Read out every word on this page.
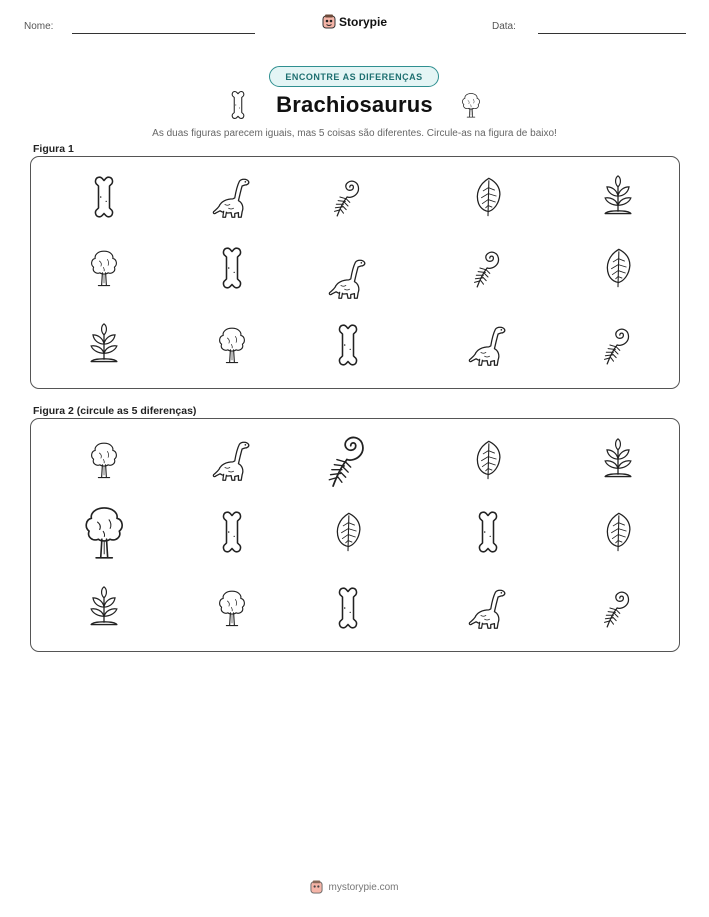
Nome:	Storypie	Data:
ENCONTRE AS DIFERENÇAS
Brachiosaurus
As duas figuras parecem iguais, mas 5 coisas são diferentes. Circule-as na figura de baixo!
Figura 1
Figura 2 (circule as 5 diferenças)
mystorypie.com
